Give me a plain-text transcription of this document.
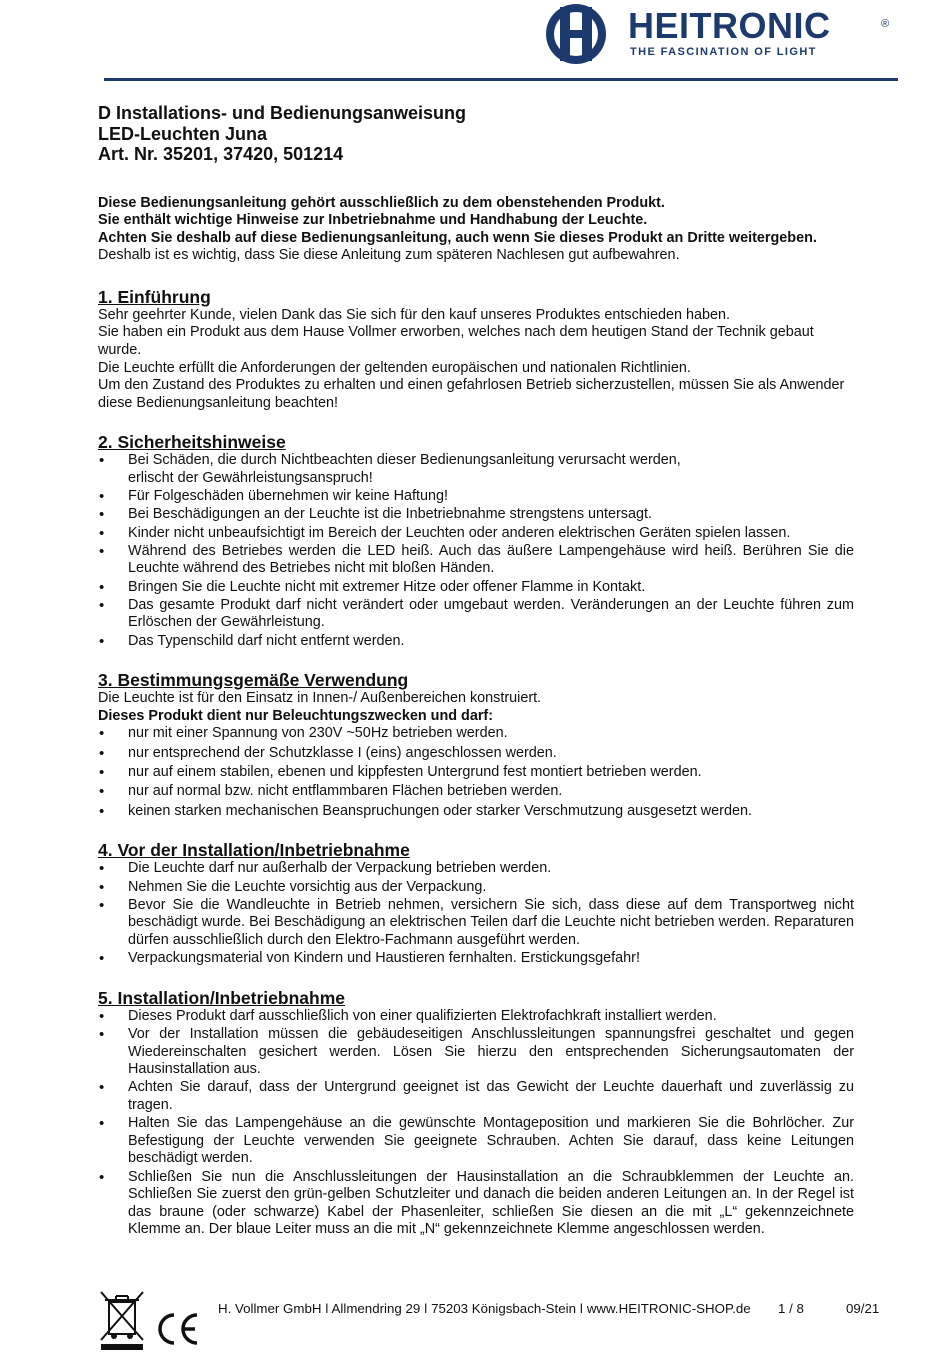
HEITRONIC	®
THE FASCINATION OF LIGHT

D Installations- und Bedienungsanweisung

LED-Leuchten Juna

Art. Nr. 35201, 37420, 501214

Diese Bedienungsanleitung gehört ausschließlich zu dem obenstehenden Produkt.

Sie enthält wichtige Hinweise zur Inbetriebnahme und Handhabung der Leuchte.

Achten Sie deshalb auf diese Bedienungsanleitung, auch wenn Sie dieses Produkt an Dritte weitergeben.

Deshalb ist es wichtig, dass Sie diese Anleitung zum späteren Nachlesen gut aufbewahren.

1. Einführung

Sehr geehrter Kunde, vielen Dank das Sie sich für den kauf unseres Produktes entschieden haben.

Sie haben ein Produkt aus dem Hause Vollmer erworben, welches nach dem heutigen Stand der Technik gebaut wurde.

Die Leuchte erfüllt die Anforderungen der geltenden europäischen und nationalen Richtlinien.

Um den Zustand des Produktes zu erhalten und einen gefahrlosen Betrieb sicherzustellen, müssen Sie als Anwender diese Bedienungsanleitung beachten!

2. Sicherheitshinweise
• Bei Schäden, die durch Nichtbeachten dieser Bedienungsanleitung verursacht werden,
erlischt der Gewährleistungsanspruch!
• Für Folgeschäden übernehmen wir keine Haftung!
• Bei Beschädigungen an der Leuchte ist die Inbetriebnahme strengstens untersagt.
• Kinder nicht unbeaufsichtigt im Bereich der Leuchten oder anderen elektrischen Geräten spielen lassen.
• Während des Betriebes werden die LED heiß. Auch das äußere Lampengehäuse wird heiß. Berühren Sie die Leuchte während des Betriebes nicht mit bloßen Händen.
• Bringen Sie die Leuchte nicht mit extremer Hitze oder offener Flamme in Kontakt.
• Das gesamte Produkt darf nicht verändert oder umgebaut werden. Veränderungen an der Leuchte führen zum Erlöschen der Gewährleistung.
• Das Typenschild darf nicht entfernt werden.
3. Bestimmungsgemäße Verwendung

Die Leuchte ist für den Einsatz in Innen-/ Außenbereichen konstruiert.

Dieses Produkt dient nur Beleuchtungszwecken und darf:

• nur mit einer Spannung von 230V ~50Hz betrieben werden.
• nur entsprechend der Schutzklasse I (eins) angeschlossen werden.
• nur auf einem stabilen, ebenen und kippfesten Untergrund fest montiert betrieben werden.
• nur auf normal bzw. nicht entflammbaren Flächen betrieben werden.
• keinen starken mechanischen Beanspruchungen oder starker Verschmutzung ausgesetzt werden.
4. Vor der Installation/Inbetriebnahme
• Die Leuchte darf nur außerhalb der Verpackung betrieben werden.
• Nehmen Sie die Leuchte vorsichtig aus der Verpackung.
• Bevor Sie die Wandleuchte in Betrieb nehmen, versichern Sie sich, dass diese auf dem Transportweg nicht beschädigt wurde. Bei Beschädigung an elektrischen Teilen darf die Leuchte nicht betrieben werden. Reparaturen dürfen ausschließlich durch den Elektro-Fachmann ausgeführt werden.
• Verpackungsmaterial von Kindern und Haustieren fernhalten. Erstickungsgefahr!
5. Installation/Inbetriebnahme
• Dieses Produkt darf ausschließlich von einer qualifizierten Elektrofachkraft installiert werden.
• Vor der Installation müssen die gebäudeseitigen Anschlussleitungen spannungsfrei geschaltet und gegen Wiedereinschalten gesichert werden. Lösen Sie hierzu den entsprechenden Sicherungsautomaten der Hausinstallation aus.
• Achten Sie darauf, dass der Untergrund geeignet ist das Gewicht der Leuchte dauerhaft und zuverlässig zu tragen.
• Halten Sie das Lampengehäuse an die gewünschte Montageposition und markieren Sie die Bohrlöcher. Zur Befestigung der Leuchte verwenden Sie geeignete Schrauben. Achten Sie darauf, dass keine Leitungen beschädigt werden.
• Schließen Sie nun die Anschlussleitungen der Hausinstallation an die Schraubklemmen der Leuchte an. Schließen Sie zuerst den grün-gelben Schutzleiter und danach die beiden anderen Leitungen an. In der Regel ist das braune (oder schwarze) Kabel der Phasenleiter, schließen Sie diesen an die mit „L“ gekennzeichnete Klemme an. Der blaue Leiter muss an die mit „N“ gekennzeichnete Klemme angeschlossen werden.
H. Vollmer GmbH ǀ Allmendring 29 ǀ 75203 Königsbach-Stein ǀ www.HEITRONIC-SHOP.de 1 / 8	09/21
